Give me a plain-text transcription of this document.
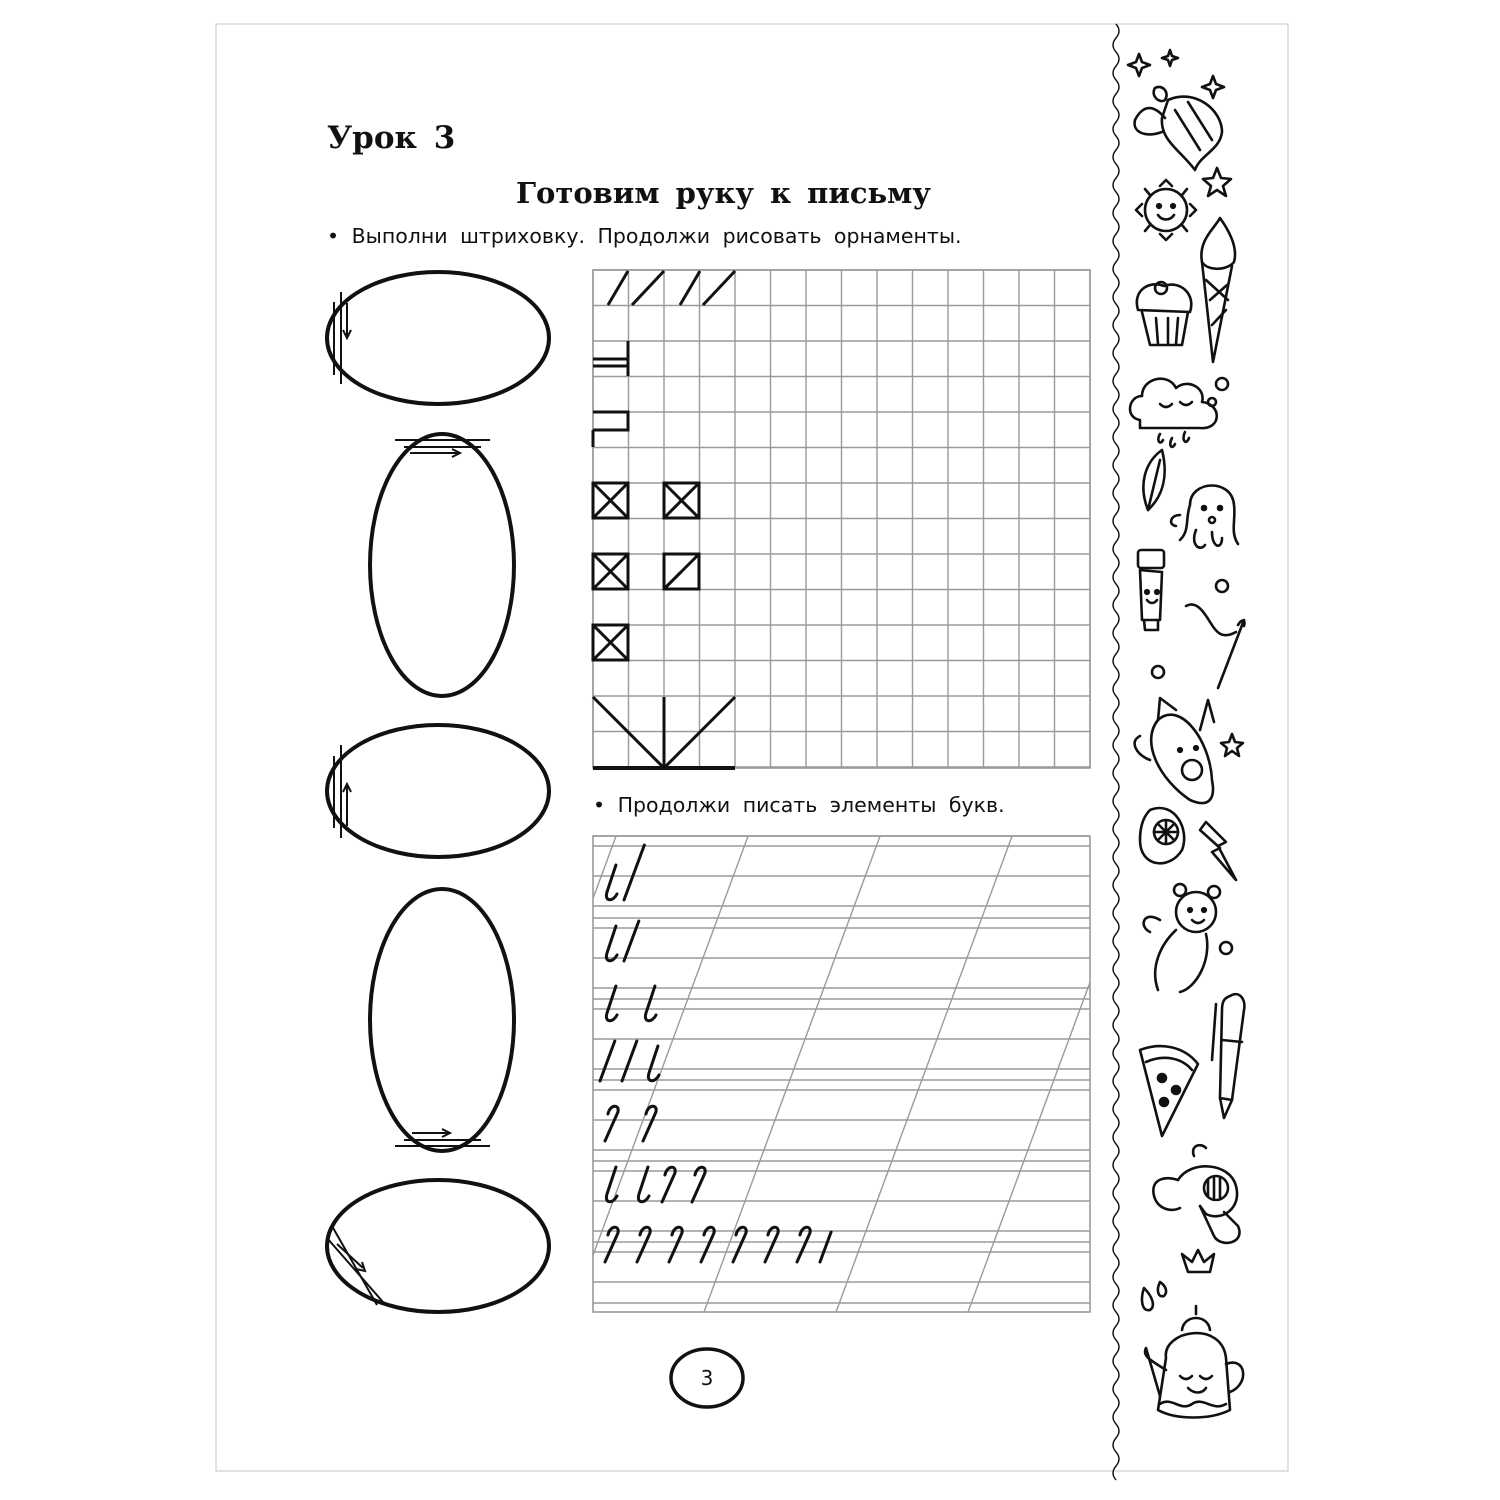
Урок 3
Готовим руку к письму
• Выполни штриховку. Продолжи рисовать орнаменты.
• Продолжи писать элементы букв.
3
